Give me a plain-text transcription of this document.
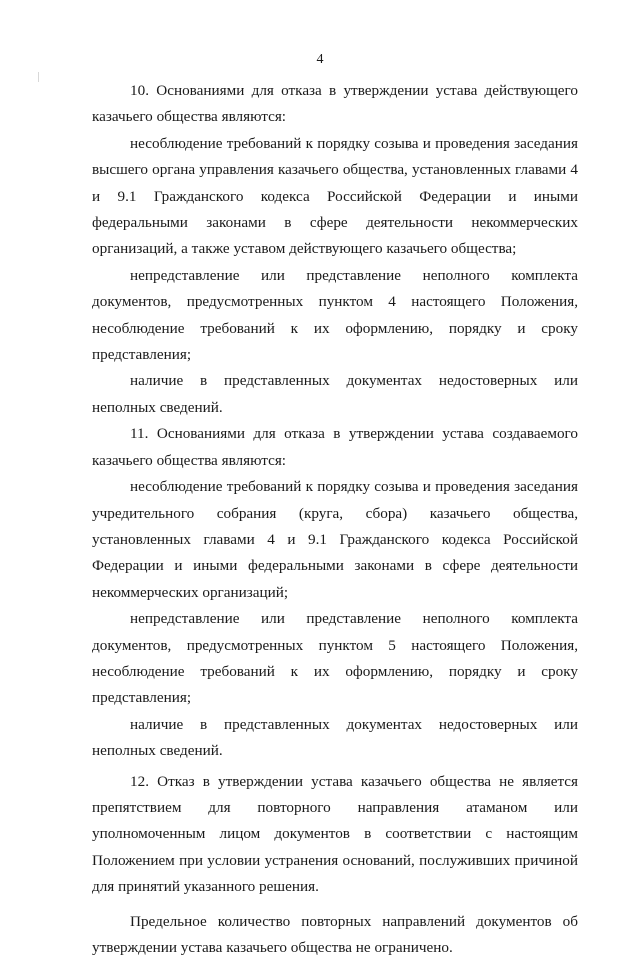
4

10. Основаниями для отказа в утверждении устава действующего казачьего общества являются:

несоблюдение требований к порядку созыва и проведения заседания высшего органа управления казачьего общества, установленных главами 4 и 9.1 Гражданского кодекса Российской Федерации и иными федеральными законами в сфере деятельности некоммерческих организаций, а также уставом действующего казачьего общества;

непредставление или представление неполного комплекта документов, предусмотренных пунктом 4 настоящего Положения, несоблюдение требований к их оформлению, порядку и сроку представления;

наличие в представленных документах недостоверных или неполных сведений.

11. Основаниями для отказа в утверждении устава создаваемого казачьего общества являются:

несоблюдение требований к порядку созыва и проведения заседания учредительного собрания (круга, сбора) казачьего общества, установленных главами 4 и 9.1 Гражданского кодекса Российской Федерации и иными федеральными законами в сфере деятельности некоммерческих организаций;

непредставление или представление неполного комплекта документов, предусмотренных пунктом 5 настоящего Положения, несоблюдение требований к их оформлению, порядку и сроку представления;

наличие в представленных документах недостоверных или неполных сведений.

12. Отказ в утверждении устава казачьего общества не является препятствием для повторного направления атаманом или уполномоченным лицом документов в соответствии с настоящим Положением при условии устранения оснований, послуживших причиной для принятий указанного решения.

Предельное количество повторных направлений документов об утверждении устава казачьего общества не ограничено.
